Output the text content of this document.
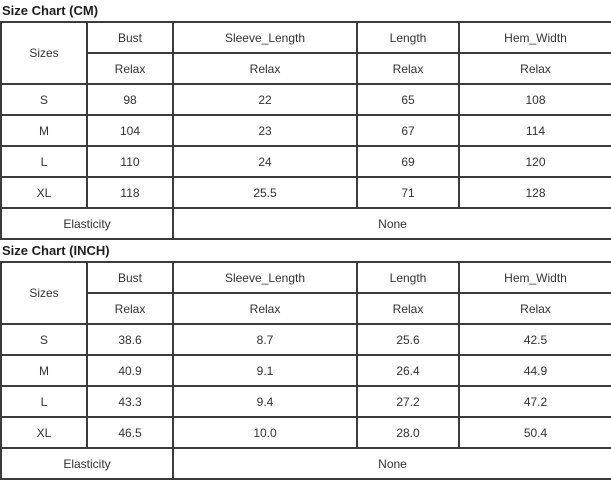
Size Chart (CM)
Sizes	Bust	Sleeve_Length	Length	Hem_Width
	Relax	Relax	Relax	Relax
S	98	22	65	108
M	104	23	67	114
L	110	24	69	120
XL	118	25.5	71	128
Elasticity		None		
Size Chart (INCH)
Sizes	Bust	Sleeve_Length	Length	Hem_Width
	Relax	Relax	Relax	Relax
S	38.6	8.7	25.6	42.5
M	40.9	9.1	26.4	44.9
L	43.3	9.4	27.2	47.2
XL	46.5	10.0	28.0	50.4
Elasticity		None		
